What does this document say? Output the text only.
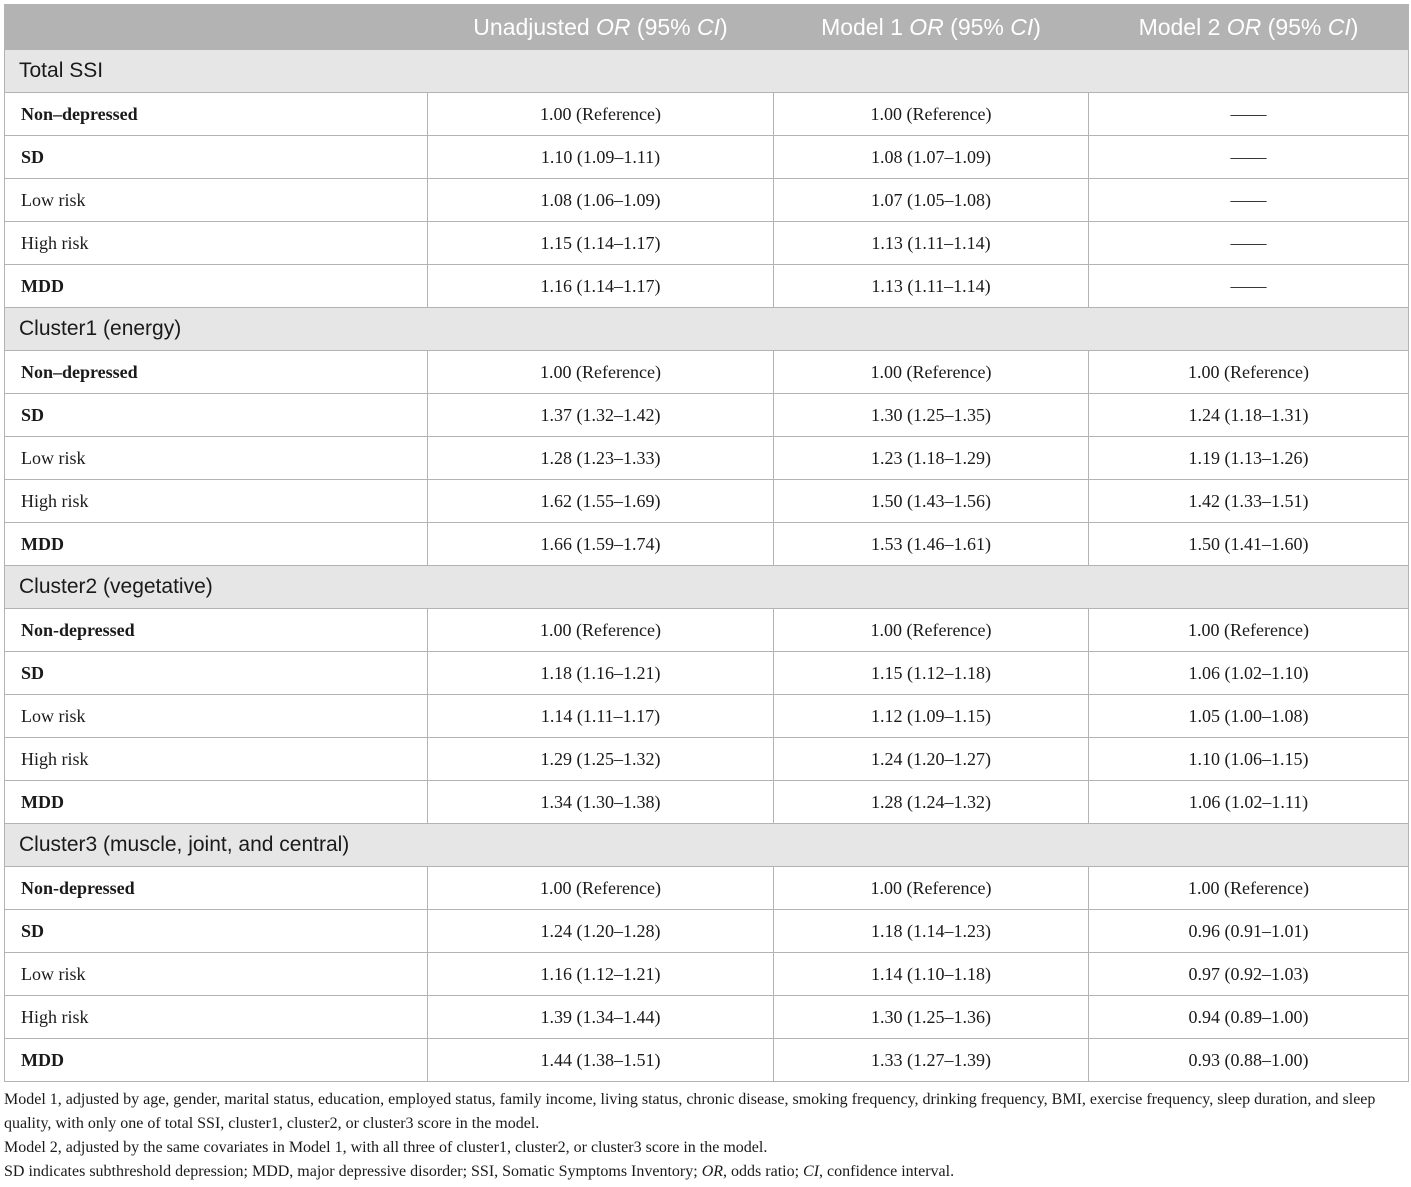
	Unadjusted OR (95% CI)	Model 1 OR (95% CI)	Model 2 OR (95% CI)
Total SSI			
Non–depressed	1.00 (Reference)	1.00 (Reference)	——
SD	1.10 (1.09–1.11)	1.08 (1.07–1.09)	——
Low risk	1.08 (1.06–1.09)	1.07 (1.05–1.08)	——
High risk	1.15 (1.14–1.17)	1.13 (1.11–1.14)	——
MDD	1.16 (1.14–1.17)	1.13 (1.11–1.14)	——
Cluster1 (energy)			
Non–depressed	1.00 (Reference)	1.00 (Reference)	1.00 (Reference)
SD	1.37 (1.32–1.42)	1.30 (1.25–1.35)	1.24 (1.18–1.31)
Low risk	1.28 (1.23–1.33)	1.23 (1.18–1.29)	1.19 (1.13–1.26)
High risk	1.62 (1.55–1.69)	1.50 (1.43–1.56)	1.42 (1.33–1.51)
MDD	1.66 (1.59–1.74)	1.53 (1.46–1.61)	1.50 (1.41–1.60)
Cluster2 (vegetative)			
Non-depressed	1.00 (Reference)	1.00 (Reference)	1.00 (Reference)
SD	1.18 (1.16–1.21)	1.15 (1.12–1.18)	1.06 (1.02–1.10)
Low risk	1.14 (1.11–1.17)	1.12 (1.09–1.15)	1.05 (1.00–1.08)
High risk	1.29 (1.25–1.32)	1.24 (1.20–1.27)	1.10 (1.06–1.15)
MDD	1.34 (1.30–1.38)	1.28 (1.24–1.32)	1.06 (1.02–1.11)
Cluster3 (muscle, joint, and central)			
Non-depressed	1.00 (Reference)	1.00 (Reference)	1.00 (Reference)
SD	1.24 (1.20–1.28)	1.18 (1.14–1.23)	0.96 (0.91–1.01)
Low risk	1.16 (1.12–1.21)	1.14 (1.10–1.18)	0.97 (0.92–1.03)
High risk	1.39 (1.34–1.44)	1.30 (1.25–1.36)	0.94 (0.89–1.00)
MDD	1.44 (1.38–1.51)	1.33 (1.27–1.39)	0.93 (0.88–1.00)

Model 1, adjusted by age, gender, marital status, education, employed status, family income, living status, chronic disease, smoking frequency, drinking frequency, BMI, exercise frequency, sleep duration, and sleep quality, with only one of total SSI, cluster1, cluster2, or cluster3 score in the model.

Model 2, adjusted by the same covariates in Model 1, with all three of cluster1, cluster2, or cluster3 score in the model.

SD indicates subthreshold depression; MDD, major depressive disorder; SSI, Somatic Symptoms Inventory; OR, odds ratio; CI, confidence interval.
